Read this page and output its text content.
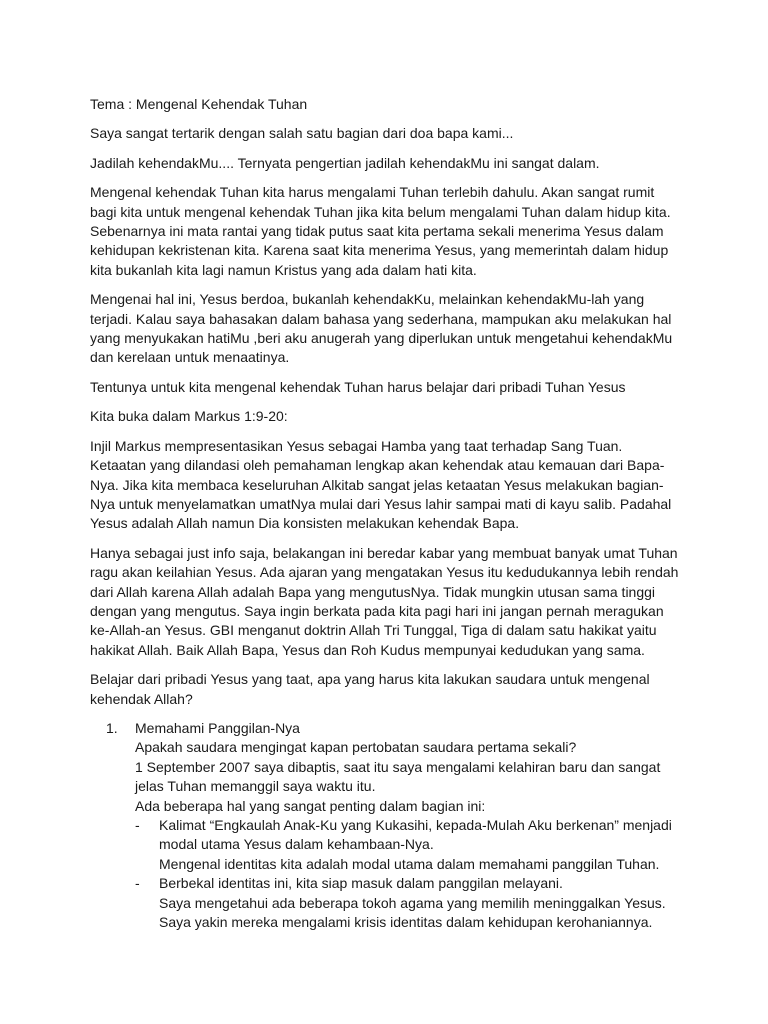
Tema : Mengenal Kehendak Tuhan

Saya sangat tertarik dengan salah satu bagian dari doa bapa kami...

Jadilah kehendakMu.... Ternyata pengertian jadilah kehendakMu ini sangat dalam.

Mengenal kehendak Tuhan kita harus mengalami Tuhan terlebih dahulu. Akan sangat rumit bagi kita untuk mengenal kehendak Tuhan jika kita belum mengalami Tuhan dalam hidup kita. Sebenarnya ini mata rantai yang tidak putus saat kita pertama sekali menerima Yesus dalam kehidupan kekristenan kita. Karena saat kita menerima Yesus, yang memerintah dalam hidup kita bukanlah kita lagi namun Kristus yang ada dalam hati kita.

Mengenai hal ini, Yesus berdoa, bukanlah kehendakKu, melainkan kehendakMu-lah yang terjadi. Kalau saya bahasakan dalam bahasa yang sederhana, mampukan aku melakukan hal yang menyukakan hatiMu ,beri aku anugerah yang diperlukan untuk mengetahui kehendakMu dan kerelaan untuk menaatinya.

Tentunya untuk kita mengenal kehendak Tuhan harus belajar dari pribadi Tuhan Yesus

Kita buka dalam Markus 1:9-20:

Injil Markus mempresentasikan Yesus sebagai Hamba yang taat terhadap Sang Tuan. Ketaatan yang dilandasi oleh pemahaman lengkap akan kehendak atau kemauan dari Bapa-Nya. Jika kita membaca keseluruhan Alkitab sangat jelas ketaatan Yesus melakukan bagian-Nya untuk menyelamatkan umatNya mulai dari Yesus lahir sampai mati di kayu salib. Padahal Yesus adalah Allah namun Dia konsisten melakukan kehendak Bapa.

Hanya sebagai just info saja, belakangan ini beredar kabar yang membuat banyak umat Tuhan ragu akan keilahian Yesus. Ada ajaran yang mengatakan Yesus itu kedudukannya lebih rendah dari Allah karena Allah adalah Bapa yang mengutusNya. Tidak mungkin utusan sama tinggi dengan yang mengutus. Saya ingin berkata pada kita pagi hari ini jangan pernah meragukan ke-Allah-an Yesus. GBI menganut doktrin Allah Tri Tunggal, Tiga di dalam satu hakikat yaitu hakikat Allah. Baik Allah Bapa, Yesus dan Roh Kudus mempunyai kedudukan yang sama.

Belajar dari pribadi Yesus yang taat, apa yang harus kita lakukan saudara untuk mengenal kehendak Allah?

1. Memahami Panggilan-Nya
Apakah saudara mengingat kapan pertobatan saudara pertama sekali?
1 September 2007 saya dibaptis, saat itu saya mengalami kelahiran baru dan sangat jelas Tuhan memanggil saya waktu itu.
Ada beberapa hal yang sangat penting dalam bagian ini:
- Kalimat “Engkaulah Anak-Ku yang Kukasihi, kepada-Mulah Aku berkenan” menjadi modal utama Yesus dalam kehambaan-Nya.
Mengenal identitas kita adalah modal utama dalam memahami panggilan Tuhan.
- Berbekal identitas ini, kita siap masuk dalam panggilan melayani.
Saya mengetahui ada beberapa tokoh agama yang memilih meninggalkan Yesus. Saya yakin mereka mengalami krisis identitas dalam kehidupan kerohaniannya.
